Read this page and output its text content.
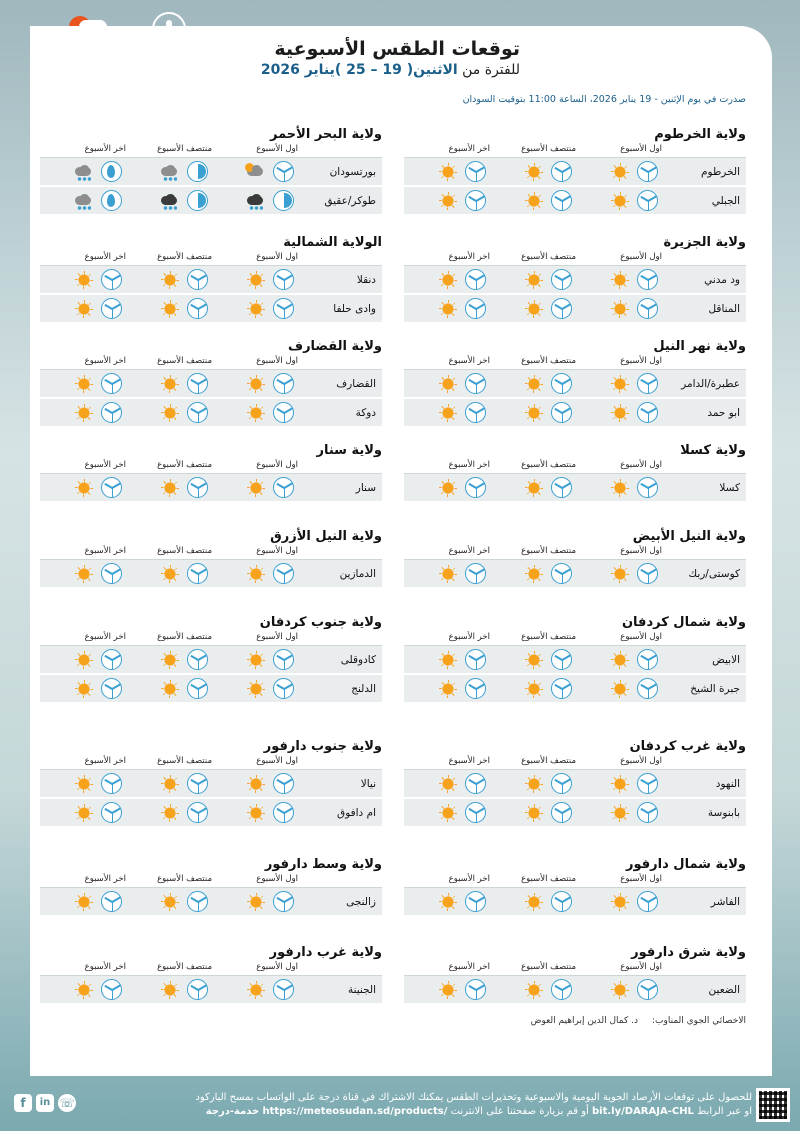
توقعات الطقس الأسبوعية
للفترة من الاثنين( 19 – 25 )يناير 2026
صدرت في يوم الإثنين - 19 يناير 2026، الساعة 11:00 بتوقيت السودان
ولاية الخرطوم
اول الأسبوع
منتصف الأسبوع
اخر الأسبوع
الخرطوم
الجبلي
ولاية الجزيرة
اول الأسبوع
منتصف الأسبوع
اخر الأسبوع
ود مدني
المناقل
ولاية نهر النيل
اول الأسبوع
منتصف الأسبوع
اخر الأسبوع
عطبرة/الدامر
ابو حمد
ولاية كسلا
اول الأسبوع
منتصف الأسبوع
اخر الأسبوع
كسلا
ولاية النيل الأبيض
اول الأسبوع
منتصف الأسبوع
اخر الأسبوع
كوستى/ربك
ولاية شمال كردفان
اول الأسبوع
منتصف الأسبوع
اخر الأسبوع
الابيض
جبرة الشيخ
ولاية غرب كردفان
اول الأسبوع
منتصف الأسبوع
اخر الأسبوع
النهود
بابنوسة
ولاية شمال دارفور
اول الأسبوع
منتصف الأسبوع
اخر الأسبوع
الفاشر
ولاية شرق دارفور
اول الأسبوع
منتصف الأسبوع
اخر الأسبوع
الضعين
ولاية البحر الأحمر
اول الأسبوع
منتصف الأسبوع
اخر الأسبوع
بورتسودان
طوكر/عقيق
الولاية الشمالية
اول الأسبوع
منتصف الأسبوع
اخر الأسبوع
دنقلا
وادى حلفا
ولاية القضارف
اول الأسبوع
منتصف الأسبوع
اخر الأسبوع
القضارف
دوكة
ولاية سنار
اول الأسبوع
منتصف الأسبوع
اخر الأسبوع
سنار
ولاية النيل الأزرق
اول الأسبوع
منتصف الأسبوع
اخر الأسبوع
الدمازين
ولاية جنوب كردفان
اول الأسبوع
منتصف الأسبوع
اخر الأسبوع
كادوقلى
الدلنج
ولاية جنوب دارفور
اول الأسبوع
منتصف الأسبوع
اخر الأسبوع
نيالا
ام دافوق
ولاية وسط دارفور
اول الأسبوع
منتصف الأسبوع
اخر الأسبوع
زالنجى
ولاية غرب دارفور
اول الأسبوع
منتصف الأسبوع
اخر الأسبوع
الجنينة
الاخصائي الجوي المناوب:د. كمال الدين إبراهيم العوض
للحصول على توقعات الأرصاد الجوية اليومية والاسبوعية وتحذيرات الطقس يمكنك الاشتراك في قناة درجة على الواتساب بمسح الباركود
او عبر الرابط bit.ly/DARAJA-CHL أو قم بزيارة صفحتنا على الانترنت خدمة-درجة https://meteosudan.sd/products/
f	in ☏
